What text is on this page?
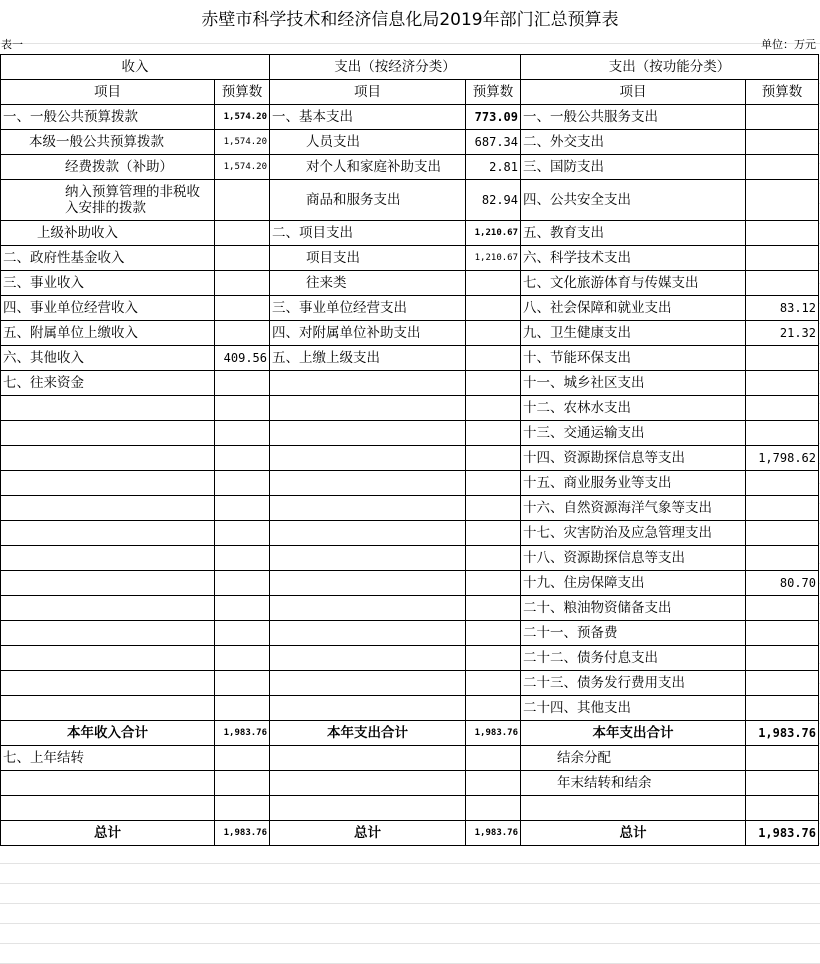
赤壁市科学技术和经济信息化局2019年部门汇总预算表
表一	单位：万元
收入		支出（按经济分类）		支出（按功能分类）	
项目	预算数	项目	预算数	项目	预算数
一、一般公共预算拨款	1,574.20	一、基本支出	773.09	一、一般公共服务支出	
本级一般公共预算拨款	1,574.20	人员支出	687.34	二、外交支出	
经费拨款（补助）	1,574.20	对个人和家庭补助支出	2.81	三、国防支出	
纳入预算管理的非税收入安排的拨款		商品和服务支出	82.94	四、公共安全支出	
上级补助收入		二、项目支出	1,210.67	五、教育支出	
二、政府性基金收入		项目支出	1,210.67	六、科学技术支出	
三、事业收入		往来类		七、文化旅游体育与传媒支出	
四、事业单位经营收入		三、事业单位经营支出		八、社会保障和就业支出	83.12
五、附属单位上缴收入		四、对附属单位补助支出		九、卫生健康支出	21.32
六、其他收入	409.56	五、上缴上级支出		十、节能环保支出	
七、往来资金				十一、城乡社区支出	
				十二、农林水支出	
				十三、交通运输支出	
				十四、资源勘探信息等支出	1,798.62
				十五、商业服务业等支出	
				十六、自然资源海洋气象等支出	
				十七、灾害防治及应急管理支出	
				十八、资源勘探信息等支出	
				十九、住房保障支出	80.70
				二十、粮油物资储备支出	
				二十一、预备费	
				二十二、债务付息支出	
				二十三、债务发行费用支出	
				二十四、其他支出	
本年收入合计	1,983.76	本年支出合计	1,983.76	本年支出合计	1,983.76
七、上年结转				结余分配	
				年末结转和结余	

总计	1,983.76	总计	1,983.76	总计	1,983.76
